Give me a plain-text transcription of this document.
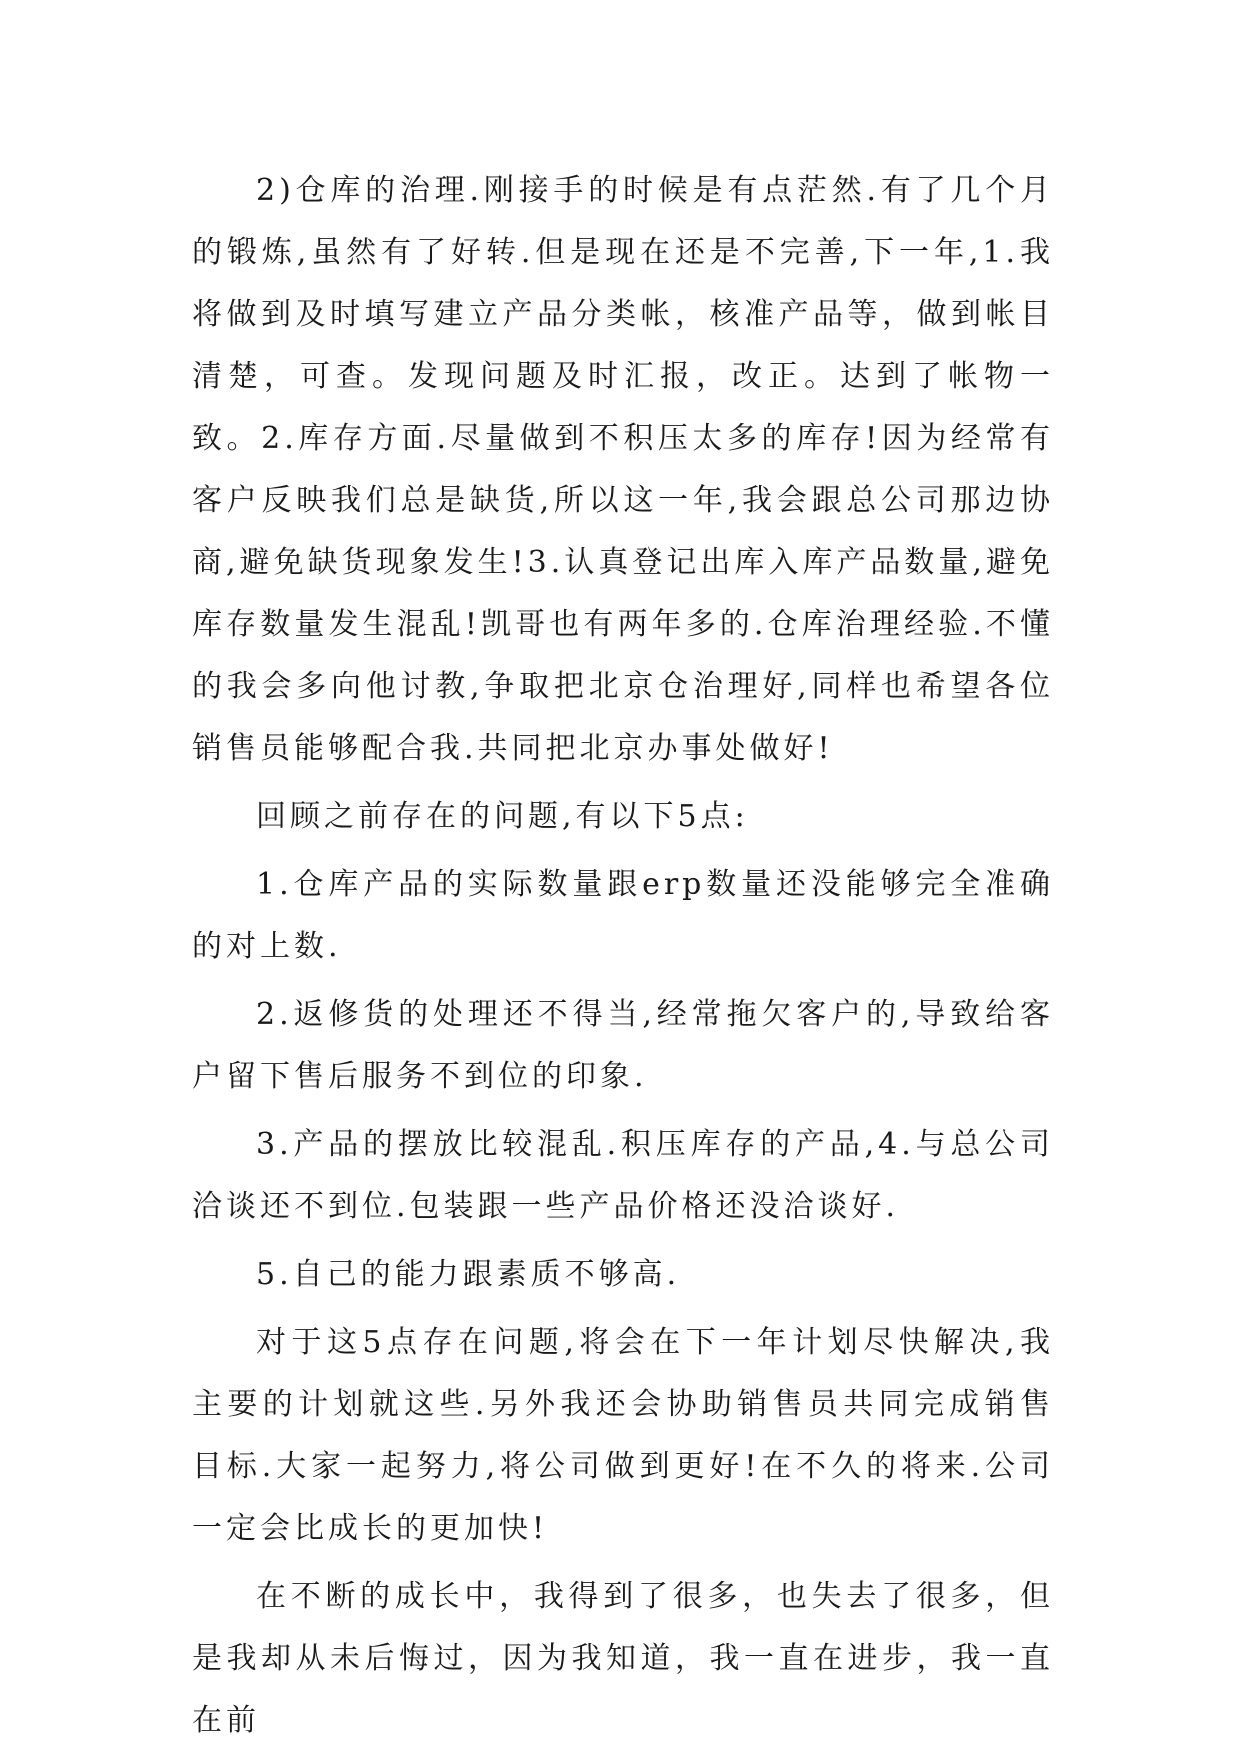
2)仓库的治理.刚接手的时候是有点茫然.有了几个月的锻炼,虽然有了好转.但是现在还是不完善,下一年,1.我将做到及时填写建立产品分类帐，核准产品等，做到帐目清楚，可查。发现问题及时汇报，改正。达到了帐物一致。2.库存方面.尽量做到不积压太多的库存!因为经常有客户反映我们总是缺货,所以这一年,我会跟总公司那边协商,避免缺货现象发生!3.认真登记出库入库产品数量,避免库存数量发生混乱!凯哥也有两年多的.仓库治理经验.不懂的我会多向他讨教,争取把北京仓治理好,同样也希望各位销售员能够配合我.共同把北京办事处做好!

回顾之前存在的问题,有以下5点:

1.仓库产品的实际数量跟erp数量还没能够完全准确的对上数.

2.返修货的处理还不得当,经常拖欠客户的,导致给客户留下售后服务不到位的印象.

3.产品的摆放比较混乱.积压库存的产品,4.与总公司洽谈还不到位.包装跟一些产品价格还没洽谈好.

5.自己的能力跟素质不够高.

对于这5点存在问题,将会在下一年计划尽快解决,我主要的计划就这些.另外我还会协助销售员共同完成销售目标.大家一起努力,将公司做到更好!在不久的将来.公司一定会比成长的更加快!

在不断的成长中，我得到了很多，也失去了很多，但是我却从未后悔过，因为我知道，我一直在进步，我一直在前
